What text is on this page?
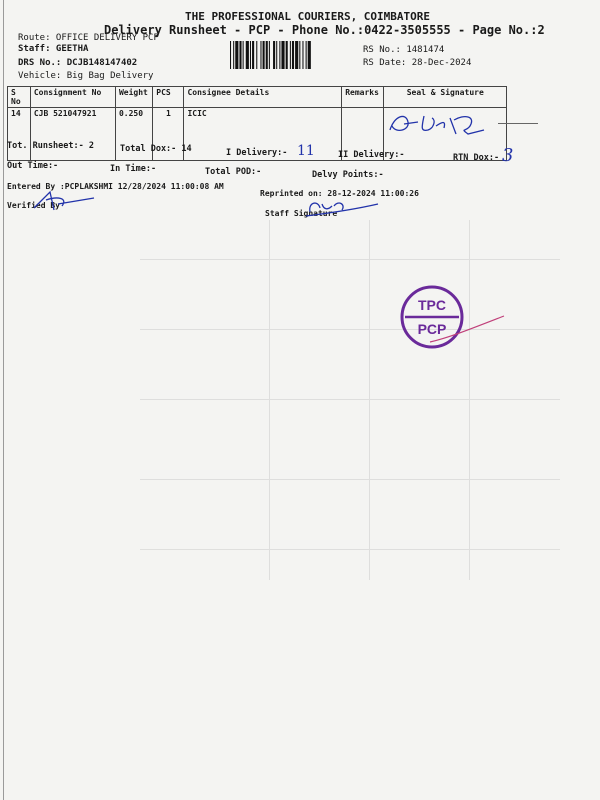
THE PROFESSIONAL COURIERS, COIMBATORE
Delivery Runsheet - PCP - Phone No.:0422-3505555 - Page No.:2
Route: OFFICE DELIVERY PCP
Staff: GEETHA
DRS No.: DCJB148147402
Vehicle: Big Bag Delivery
RS No.: 1481474
RS Date: 28-Dec-2024
S No	Consignment No	Weight	PCS	Consignee Details	Remarks	Seal & Signature
14	CJB 521047921	0.250	1	ICIC		
Tot. Runsheet:- 2	Total Dox:- 14	I Delivery:- 11	II Delivery:-	RTN Dox:- 3
Out Time:-	In Time:-	Total POD:-	Delvy Points:-
Entered By :PCPLAKSHMI 12/28/2024 11:00:08 AM
Reprinted on: 28-12-2024 11:00:26
Verified By
Staff Signature

TPC
PCP
